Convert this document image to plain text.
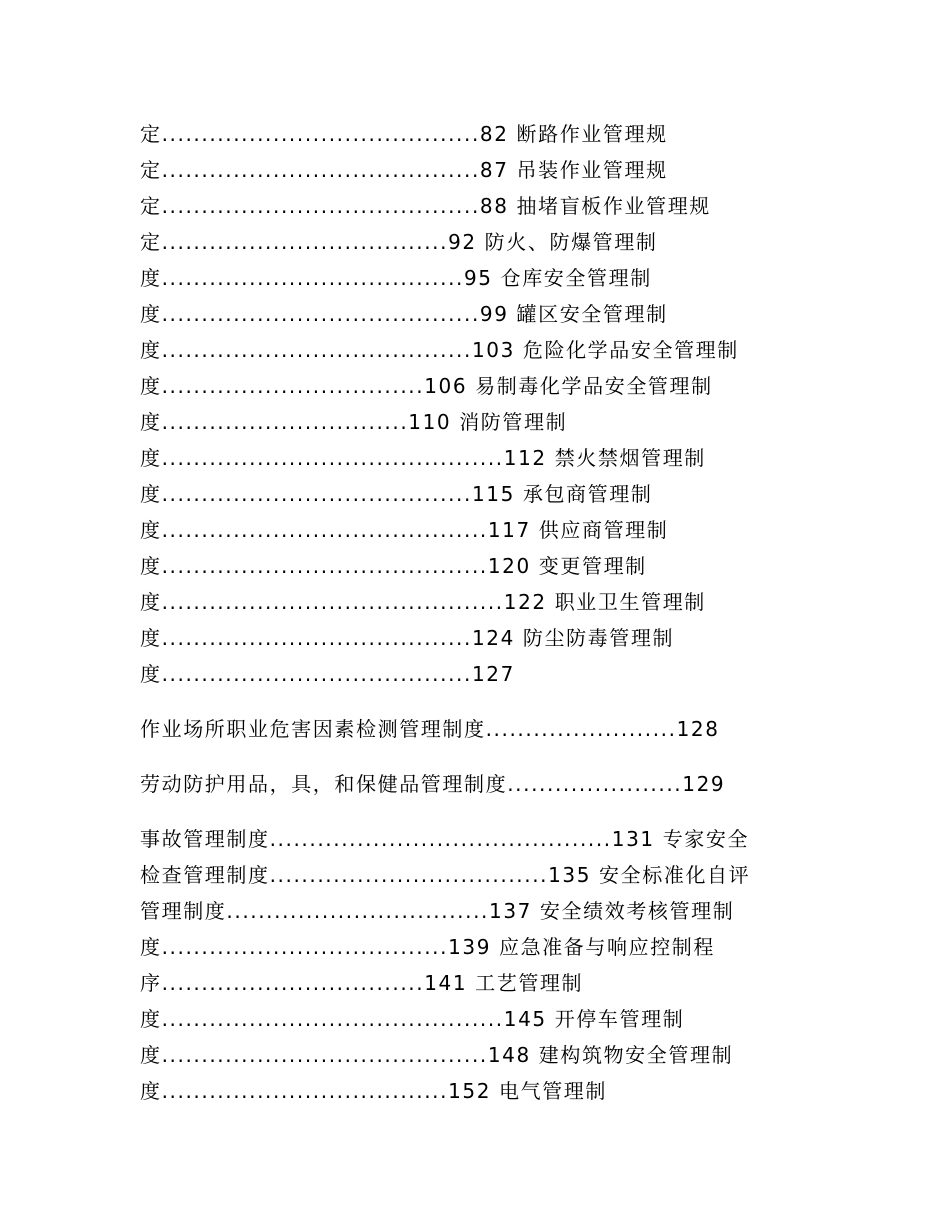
定........................................82 断路作业管理规
定........................................87 吊装作业管理规
定........................................88 抽堵盲板作业管理规
定....................................92 防火、防爆管理制
度......................................95 仓库安全管理制
度........................................99 罐区安全管理制
度.......................................103 危险化学品安全管理制
度.................................106 易制毒化学品安全管理制
度...............................110 消防管理制
度...........................................112 禁火禁烟管理制
度.......................................115 承包商管理制
度.........................................117 供应商管理制
度.........................................120 变更管理制
度...........................................122 职业卫生管理制
度.......................................124 防尘防毒管理制
度.......................................127
作业场所职业危害因素检测管理制度........................128
劳动防护用品，具，和保健品管理制度......................129
事故管理制度...........................................131 专家安全
检查管理制度...................................135 安全标准化自评
管理制度.................................137 安全绩效考核管理制
度....................................139 应急准备与响应控制程
序.................................141 工艺管理制
度...........................................145 开停车管理制
度.........................................148 建构筑物安全管理制
度....................................152 电气管理制
